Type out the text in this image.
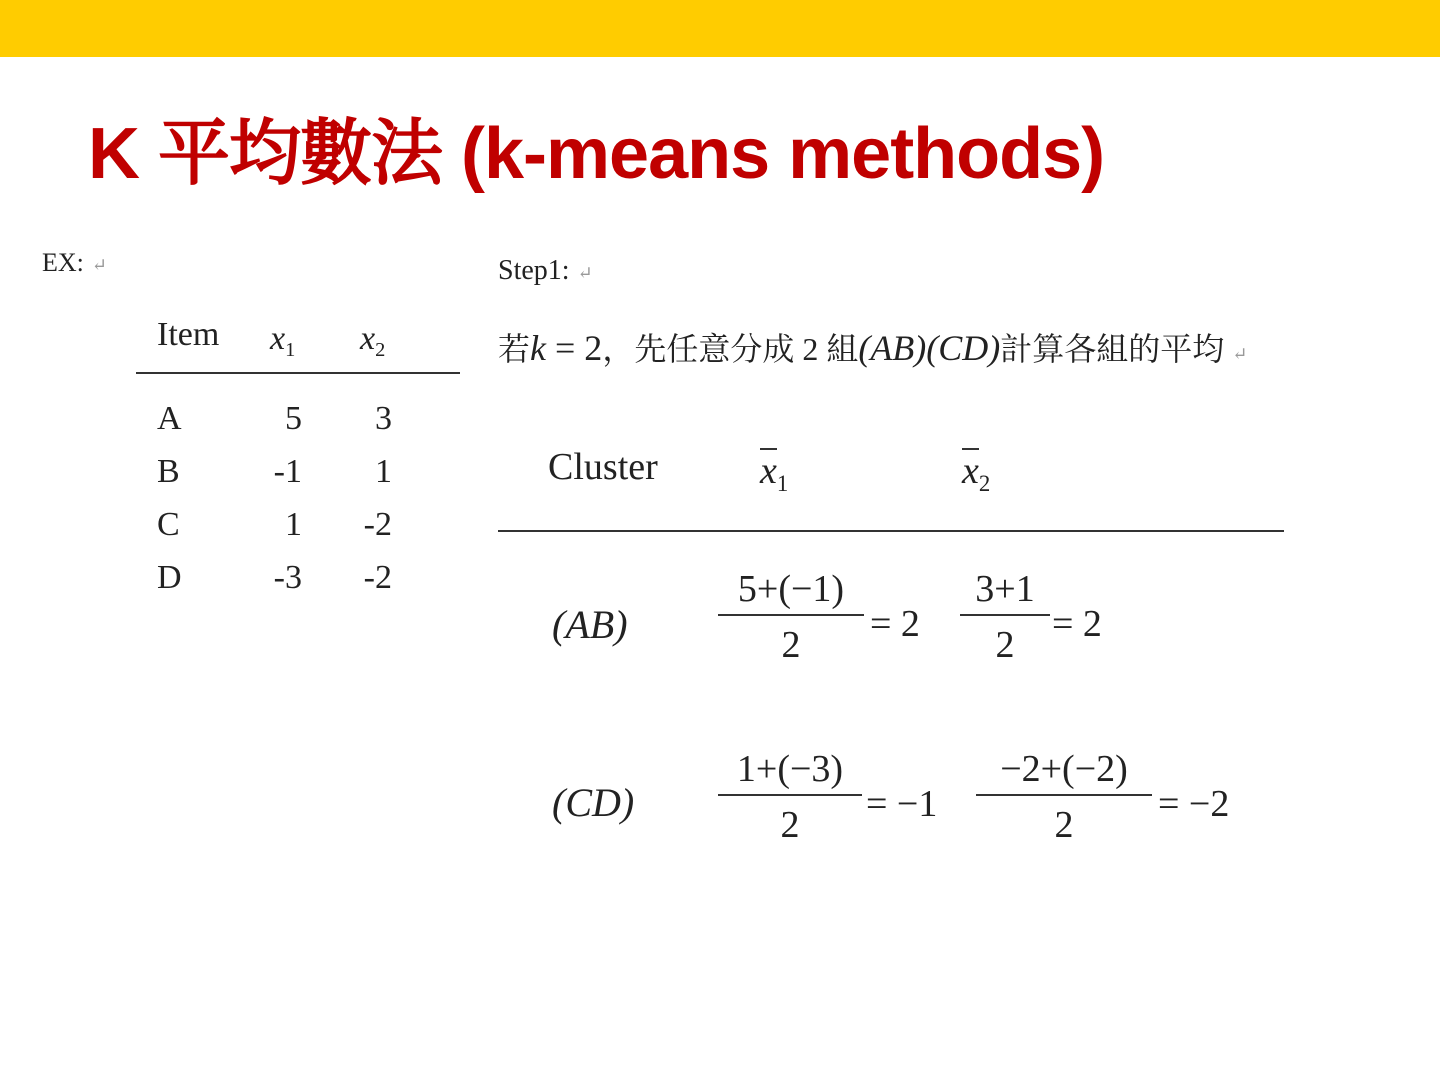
K 平均數法 (k-means methods)
EX: ↵
Item $x_1$ $x_2$
A	5	3
B	-1	1
C	1	-2
D	-3	-2
Step1: ↵
若k = 2，先任意分成 2 組(AB)(CD)計算各組的平均 ↵
Cluster	$x_1$	$x_2$
$(AB) \frac{5+(-1)}{2} = 2 \frac{3+1}{2} = 2$
$(CD) \frac{1+(-3)}{2} = -1 \frac{-2+(-2)}{2} = -2$
